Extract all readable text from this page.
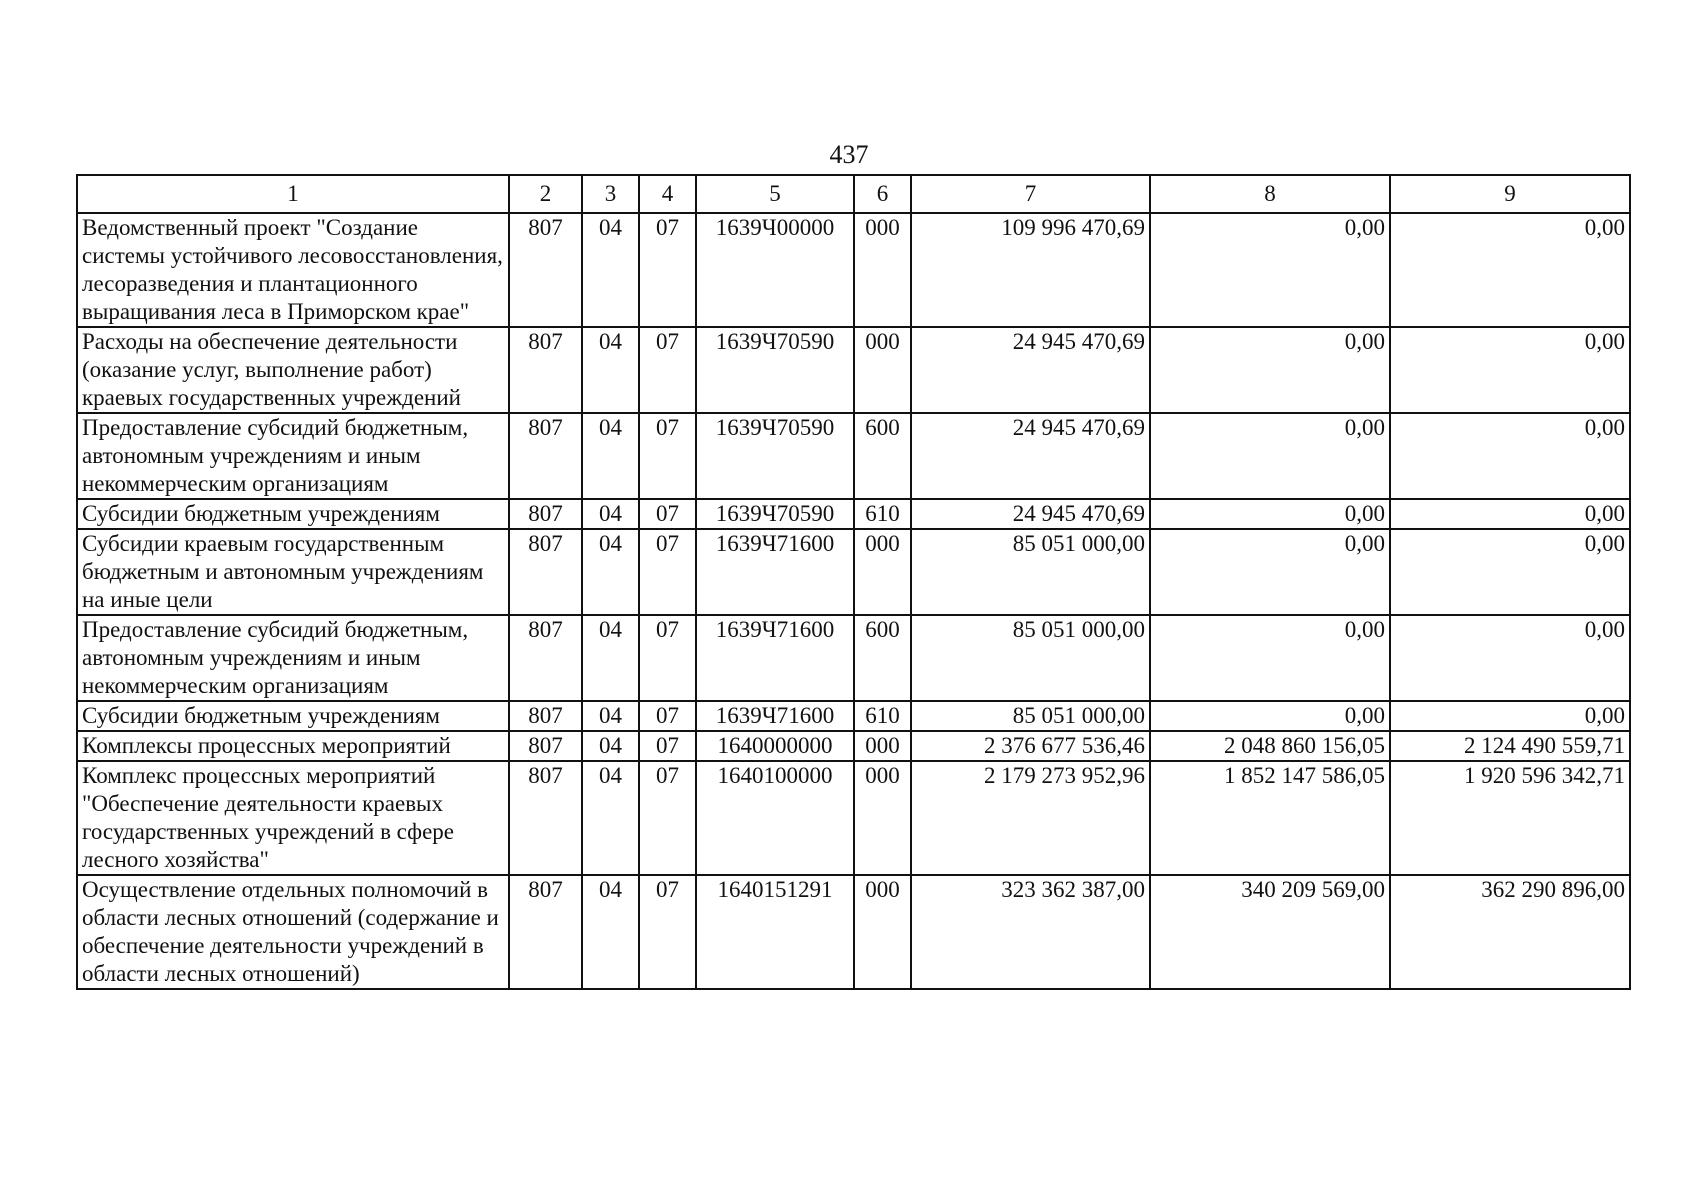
437
1	2	3	4	5	6	7	8	9
Ведомственный проект "Создание системы устойчивого лесовосстановления, лесоразведения и плантационного выращивания леса в Приморском крае"	807	04	07	1639Ч00000	000	109 996 470,69	0,00	0,00
Расходы на обеспечение деятельности (оказание услуг, выполнение работ) краевых государственных учреждений	807	04	07	1639Ч70590	000	24 945 470,69	0,00	0,00
Предоставление субсидий бюджетным, автономным учреждениям и иным некоммерческим организациям	807	04	07	1639Ч70590	600	24 945 470,69	0,00	0,00
Субсидии бюджетным учреждениям	807	04	07	1639Ч70590	610	24 945 470,69	0,00	0,00
Субсидии краевым государственным бюджетным и автономным учреждениям на иные цели	807	04	07	1639Ч71600	000	85 051 000,00	0,00	0,00
Предоставление субсидий бюджетным, автономным учреждениям и иным некоммерческим организациям	807	04	07	1639Ч71600	600	85 051 000,00	0,00	0,00
Субсидии бюджетным учреждениям	807	04	07	1639Ч71600	610	85 051 000,00	0,00	0,00
Комплексы процессных мероприятий	807	04	07	1640000000	000	2 376 677 536,46	2 048 860 156,05	2 124 490 559,71
Комплекс процессных мероприятий "Обеспечение деятельности краевых государственных учреждений в сфере лесного хозяйства"	807	04	07	1640100000	000	2 179 273 952,96	1 852 147 586,05	1 920 596 342,71
Осуществление отдельных полномочий в области лесных отношений (содержание и обеспечение деятельности учреждений в области лесных отношений)	807	04	07	1640151291	000	323 362 387,00	340 209 569,00	362 290 896,00
